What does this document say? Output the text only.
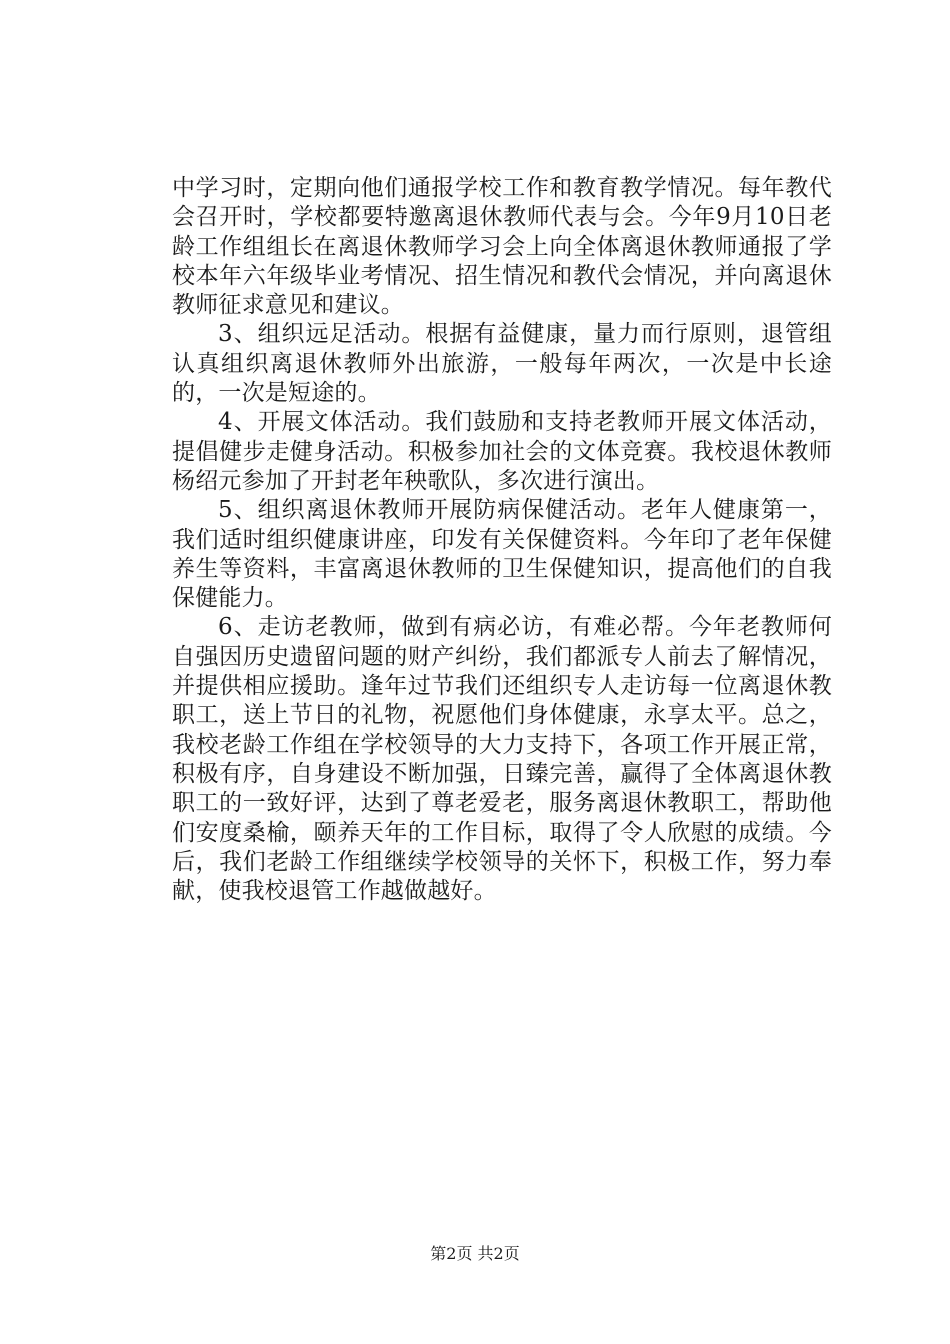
中学习时，定期向他们通报学校工作和教育教学情况。每年教代会召开时，学校都要特邀离退休教师代表与会。今年9月10日老龄工作组组长在离退休教师学习会上向全体离退休教师通报了学校本年六年级毕业考情况、招生情况和教代会情况，并向离退休教师征求意见和建议。

3、组织远足活动。根据有益健康，量力而行原则，退管组认真组织离退休教师外出旅游，一般每年两次，一次是中长途的，一次是短途的。

4、开展文体活动。我们鼓励和支持老教师开展文体活动，提倡健步走健身活动。积极参加社会的文体竞赛。我校退休教师杨绍元参加了开封老年秧歌队，多次进行演出。

5、组织离退休教师开展防病保健活动。老年人健康第一，我们适时组织健康讲座，印发有关保健资料。今年印了老年保健养生等资料，丰富离退休教师的卫生保健知识，提高他们的自我保健能力。

6、走访老教师，做到有病必访，有难必帮。今年老教师何自强因历史遗留问题的财产纠纷，我们都派专人前去了解情况，并提供相应援助。逢年过节我们还组织专人走访每一位离退休教职工，送上节日的礼物，祝愿他们身体健康，永享太平。总之，我校老龄工作组在学校领导的大力支持下，各项工作开展正常，积极有序，自身建设不断加强，日臻完善，赢得了全体离退休教职工的一致好评，达到了尊老爱老，服务离退休教职工，帮助他们安度桑榆，颐养天年的工作目标，取得了令人欣慰的成绩。今后，我们老龄工作组继续学校领导的关怀下，积极工作，努力奉献，使我校退管工作越做越好。

第2页 共2页
